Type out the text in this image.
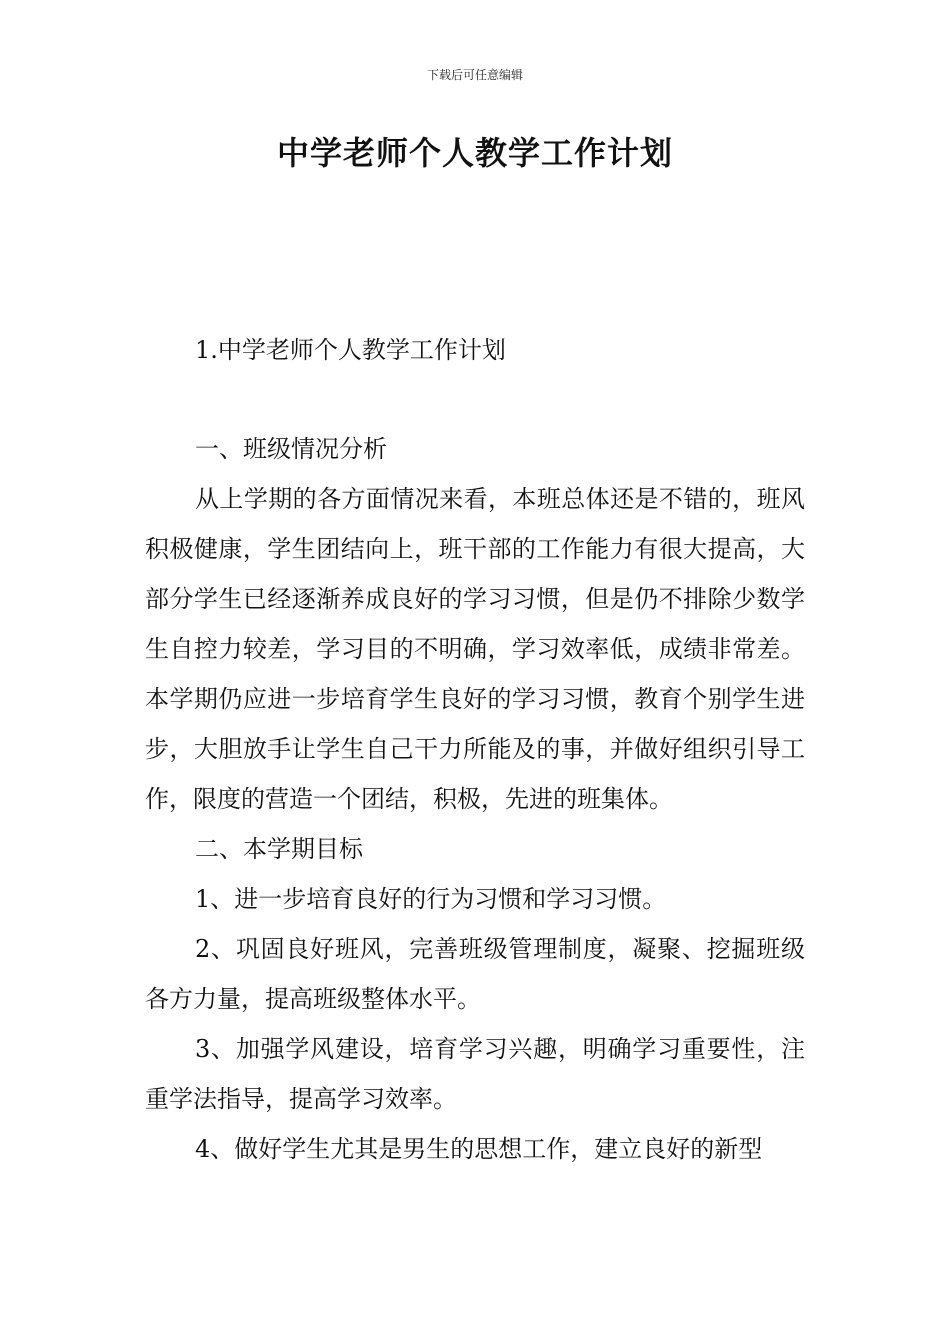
下载后可任意编辑
中学老师个人教学工作计划

1.中学老师个人教学工作计划

一、班级情况分析

从上学期的各方面情况来看，本班总体还是不错的，班风积极健康，学生团结向上，班干部的工作能力有很大提高，大部分学生已经逐渐养成良好的学习习惯，但是仍不排除少数学生自控力较差，学习目的不明确，学习效率低，成绩非常差。本学期仍应进一步培育学生良好的学习习惯，教育个别学生进步，大胆放手让学生自己干力所能及的事，并做好组织引导工作，限度的营造一个团结，积极，先进的班集体。

二、本学期目标

1、进一步培育良好的行为习惯和学习习惯。

2、巩固良好班风，完善班级管理制度，凝聚、挖掘班级各方力量，提高班级整体水平。

3、加强学风建设，培育学习兴趣，明确学习重要性，注重学法指导，提高学习效率。

4、做好学生尤其是男生的思想工作，建立良好的新型
